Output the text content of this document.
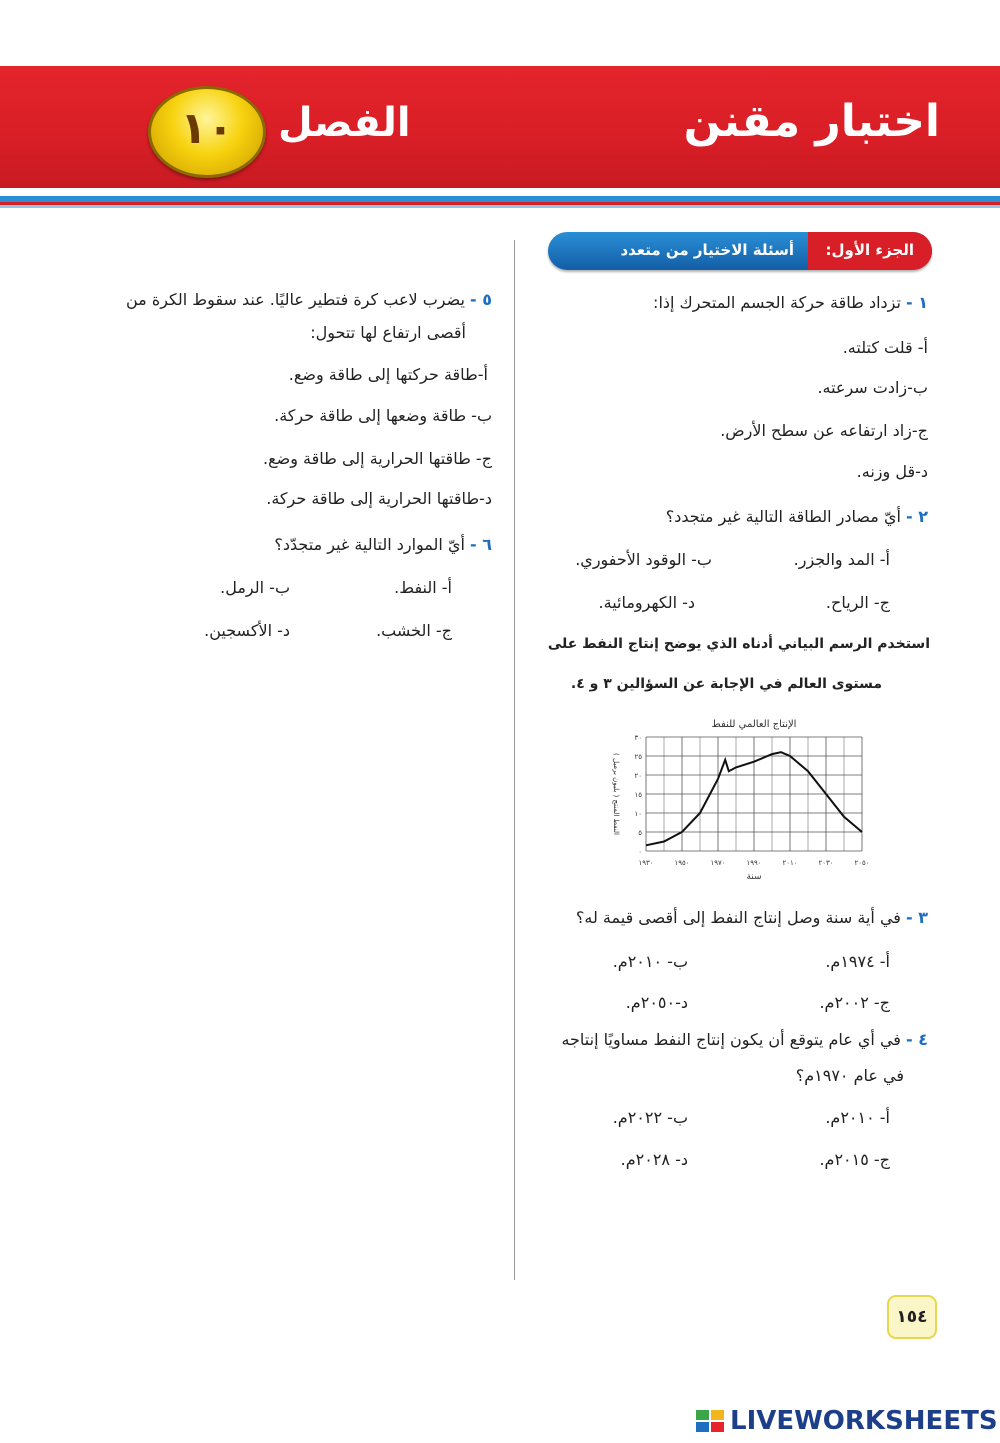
اختبار مقنن
الفصل
١٠
الجزء الأول:
أسئلة الاختيار من متعدد
١ - تزداد طاقة حركة الجسم المتحرك إذا:
أ- قلت كتلته.
ب-زادت سرعته.
ج-زاد ارتفاعه عن سطح الأرض.
د-قل وزنه.
٢ - أيّ مصادر الطاقة التالية غير متجدد؟
أ- المد والجزر.
ب- الوقود الأحفوري.
ج- الرياح.
د- الكهرومائية.
استخدم الرسم البياني أدناه الذي يوضح إنتاج النفط على
مستوى العالم في الإجابة عن السؤالين ٣ و ٤.
الإنتاج العالمي للنفط
١٩٣٠	١٩٥٠	١٩٧٠	١٩٩٠	٢٠١٠	٢٠٣٠	٢٠٥٠
٠
٥
١٠
١٥
٢٠
٢٥
٣٠
سنة
النفط المنتج ( بليون برميل )
٣ - في أية سنة وصل إنتاج النفط إلى أقصى قيمة له؟
أ- ١٩٧٤م.
ب- ٢٠١٠م.
ج- ٢٠٠٢م.
د-٢٠٥٠م.
٤ - في أي عام يتوقع أن يكون إنتاج النفط مساويًا إنتاجه
في عام ١٩٧٠م؟
أ- ٢٠١٠م.
ب- ٢٠٢٢م.
ج- ٢٠١٥م.
د- ٢٠٢٨م.
٥ - يضرب لاعب كرة فتطير عاليًا. عند سقوط الكرة من
أقصى ارتفاع لها تتحول:
أ-طاقة حركتها إلى طاقة وضع.
ب- طاقة وضعها إلى طاقة حركة.
ج- طاقتها الحرارية إلى طاقة وضع.
د-طاقتها الحرارية إلى طاقة حركة.
٦ - أيّ الموارد التالية غير متجدّد؟
أ- النفط.
ب- الرمل.
ج- الخشب.
د- الأكسجين.
١٥٤
LIVEWORKSHEETS
